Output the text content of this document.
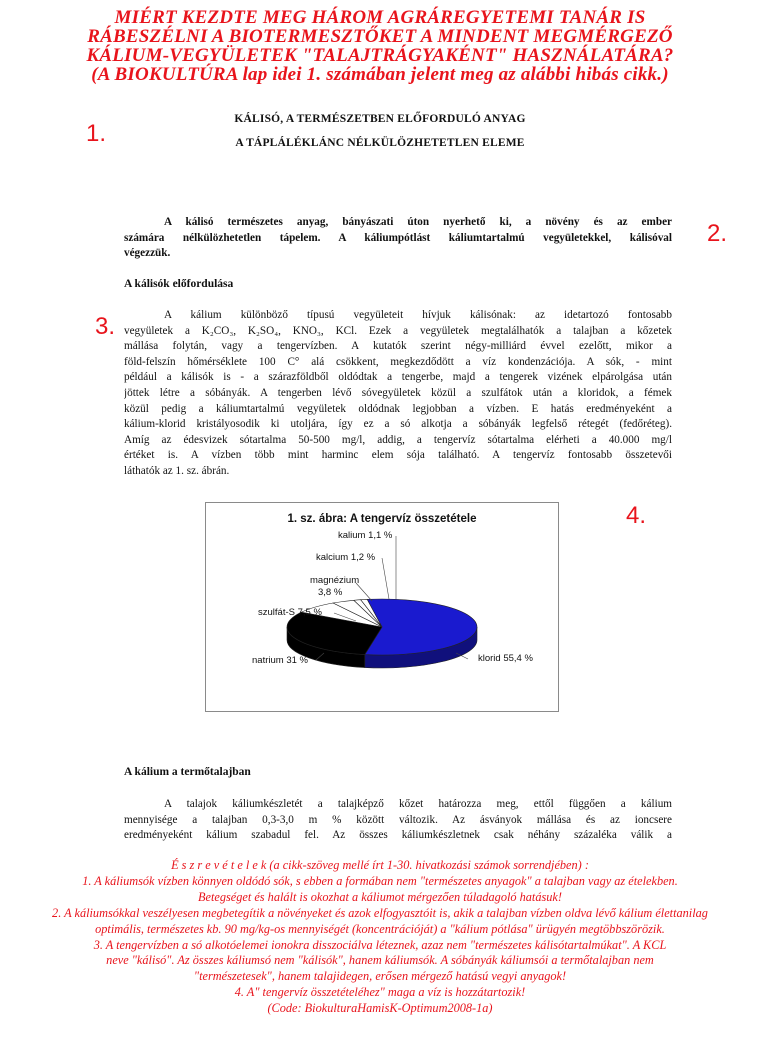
MIÉRT KEZDTE MEG HÁROM AGRÁREGYETEMI TANÁR IS
RÁBESZÉLNI A BIOTERMESZTŐKET A MINDENT MEGMÉRGEZŐ
KÁLIUM-VEGYÜLETEK "TALAJTRÁGYAKÉNT" HASZNÁLATÁRA?
(A BIOKULTÚRA lap idei 1. számában jelent meg az alábbi hibás cikk.)
1.
2.
3.
4.
KÁLISÓ, A TERMÉSZETBEN ELŐFORDULÓ ANYAG
A TÁPLÁLÉKLÁNC NÉLKÜLÖZHETETLEN ELEME
A kálisó természetes anyag, bányászati úton nyerhető ki, a növény és az ember
számára nélkülözhetetlen tápelem. A káliumpótlást káliumtartalmú vegyületekkel, kálisóval
végezzük.
A kálisók előfordulása
A kálium különböző típusú vegyületeit hívjuk kálisónak: az idetartozó fontosabb
vegyületek a K₂CO₃, K₂SO₄, KNO₃, KCl. Ezek a vegyületek megtalálhatók a talajban a kőzetek
mállása folytán, vagy a tengervízben. A kutatók szerint négy-milliárd évvel ezelőtt, mikor a
föld-felszín hőmérséklete 100 C° alá csökkent, megkezdődött a víz kondenzációja. A sók, - mint
például a kálisók is - a szárazföldből oldódtak a tengerbe, majd a tengerek vizének elpárolgása után
jöttek létre a sóbányák. A tengerben lévő sóvegyületek közül a szulfátok után a kloridok, a fémek
közül pedig a káliumtartalmú vegyületek oldódnak legjobban a vízben. E hatás eredményeként a
kálium-klorid kristályosodik ki utoljára, így ez a só alkotja a sóbányák legfelső rétegét (fedőréteg).
Amíg az édesvizek sótartalma 50-500 mg/l, addig, a tengervíz sótartalma elérheti a 40.000 mg/l
értéket is. A vízben több mint harminc elem sója található. A tengervíz fontosabb összetevői
láthatók az 1. sz. ábrán.
1. sz. ábra: A tengervíz összetétele
klorid 55,4 %
natrium 31 %
szulfát-S 7,5 %
magnézium
3,8 %
kalcium 1,2 %
kalium 1,1 %
A kálium a termőtalajban
A talajok káliumkészletét a talajképző kőzet határozza meg, ettől függően a kálium
mennyisége a talajban 0,3-3,0 m % között változik. Az ásványok mállása és az ioncsere
eredményeként kálium szabadul fel. Az összes káliumkészletnek csak néhány százaléka válik a
É s z r e v é t e l e k (a cikk-szöveg mellé írt 1-30. hivatkozási számok sorrendjében) :
1. A káliumsók vízben könnyen oldódó sók, s ebben a formában nem "természetes anyagok" a talajban vagy az ételekben.
Betegséget és halált is okozhat a káliumot mérgezően túladagoló hatásuk!
2. A káliumsókkal veszélyesen megbetegítik a növényeket és azok elfogyasztóit is, akik a talajban vízben oldva lévő kálium élettanilag
optimális, természetes kb. 90 mg/kg-os mennyiségét (koncentrációját) a "kálium pótlása" ürügyén megtöbbszörözik.
3. A tengervízben a só alkotóelemei ionokra disszociálva léteznek, azaz nem "természetes kálisótartalmúkat". A KCL
neve "kálisó". Az összes káliumsó nem "kálisók", hanem káliumsók. A sóbányák káliumsói a termőtalajban nem
"természetesek", hanem talajidegen, erősen mérgező hatású vegyi anyagok!
4. A" tengervíz összetételéhez" maga a víz is hozzátartozik!
(Code: BiokulturaHamisK-Optimum2008-1a)
